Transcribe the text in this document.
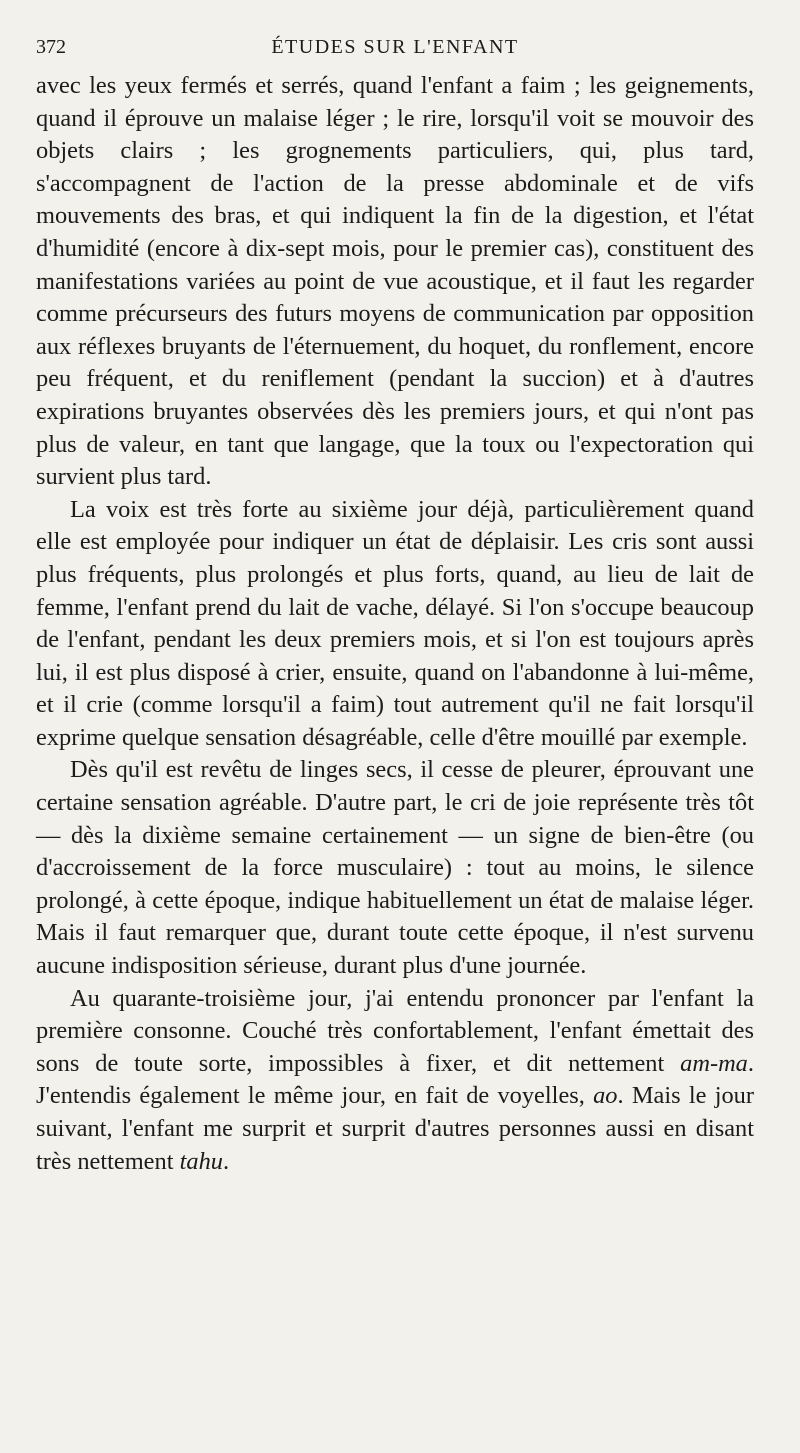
372	ÉTUDES SUR L'ENFANT

avec les yeux fermés et serrés, quand l'enfant a faim ; les geignements, quand il éprouve un malaise léger ; le rire, lorsqu'il voit se mouvoir des objets clairs ; les grognements particuliers, qui, plus tard, s'accompagnent de l'action de la presse abdominale et de vifs mouvements des bras, et qui indiquent la fin de la digestion, et l'état d'humidité (encore à dix-sept mois, pour le premier cas), constituent des manifestations variées au point de vue acoustique, et il faut les regarder comme précurseurs des futurs moyens de communication par opposition aux réflexes bruyants de l'éternuement, du hoquet, du ronflement, encore peu fréquent, et du reniflement (pendant la succion) et à d'autres expirations bruyantes observées dès les premiers jours, et qui n'ont pas plus de valeur, en tant que langage, que la toux ou l'expectoration qui survient plus tard.

La voix est très forte au sixième jour déjà, particulièrement quand elle est employée pour indiquer un état de déplaisir. Les cris sont aussi plus fréquents, plus prolongés et plus forts, quand, au lieu de lait de femme, l'enfant prend du lait de vache, délayé. Si l'on s'occupe beaucoup de l'enfant, pendant les deux premiers mois, et si l'on est toujours après lui, il est plus disposé à crier, ensuite, quand on l'abandonne à lui-même, et il crie (comme lorsqu'il a faim) tout autrement qu'il ne fait lorsqu'il exprime quelque sensation désagréable, celle d'être mouillé par exemple.

Dès qu'il est revêtu de linges secs, il cesse de pleurer, éprouvant une certaine sensation agréable. D'autre part, le cri de joie représente très tôt — dès la dixième semaine certainement — un signe de bien-être (ou d'accroissement de la force musculaire) : tout au moins, le silence prolongé, à cette époque, indique habituellement un état de malaise léger. Mais il faut remarquer que, durant toute cette époque, il n'est survenu aucune indisposition sérieuse, durant plus d'une journée.

Au quarante-troisième jour, j'ai entendu prononcer par l'enfant la première consonne. Couché très confortablement, l'enfant émettait des sons de toute sorte, impossibles à fixer, et dit nettement am-ma. J'entendis également le même jour, en fait de voyelles, ao. Mais le jour suivant, l'enfant me surprit et surprit d'autres personnes aussi en disant très nettement tahu.
